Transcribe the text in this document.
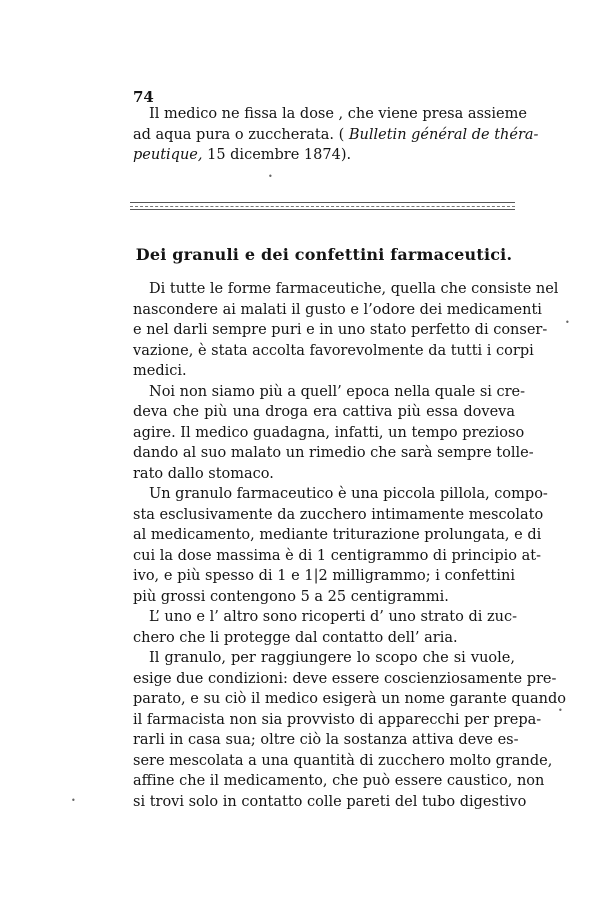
74
Il medico ne fissa la dose , che viene presa assieme
ad aqua pura o zuccherata. ( Bulletin général de théra-
peutique, 15 dicembre 1874).
Dei granuli e dei confettini farmaceutici.
Di tutte le forme farmaceutiche, quella che consiste nel
nascondere ai malati il gusto e l’odore dei medicamenti
e nel darli sempre puri e in uno stato perfetto di conser-
vazione, è stata accolta favorevolmente da tutti i corpi
medici.
Noi non siamo più a quell’ epoca nella quale si cre-
deva che più una droga era cattiva più essa doveva
agire. Il medico guadagna, infatti, un tempo prezioso
dando al suo malato un rimedio che sarà sempre tolle-
rato dallo stomaco.
Un granulo farmaceutico è una piccola pillola, compo-
sta esclusivamente da zucchero intimamente mescolato
al medicamento, mediante triturazione prolungata, e di
cui la dose massima è di 1 centigrammo di principio at-
ivo, e più spesso di 1 e 1|2 milligrammo; i confettini
più grossi contengono 5 a 25 centigrammi.
L’ uno e l’ altro sono ricoperti d’ uno strato di zuc-
chero che li protegge dal contatto dell’ aria.
Il granulo, per raggiungere lo scopo che si vuole,
esige due condizioni: deve essere coscienziosamente pre-
parato, e su ciò il medico esigerà un nome garante quando
il farmacista non sia provvisto di apparecchi per prepa-
rarli in casa sua; oltre ciò la sostanza attiva deve es-
sere mescolata a una quantità di zucchero molto grande,
affine che il medicamento, che può essere caustico, non
si trovi solo in contatto colle pareti del tubo digestivo
•
•
•
•
